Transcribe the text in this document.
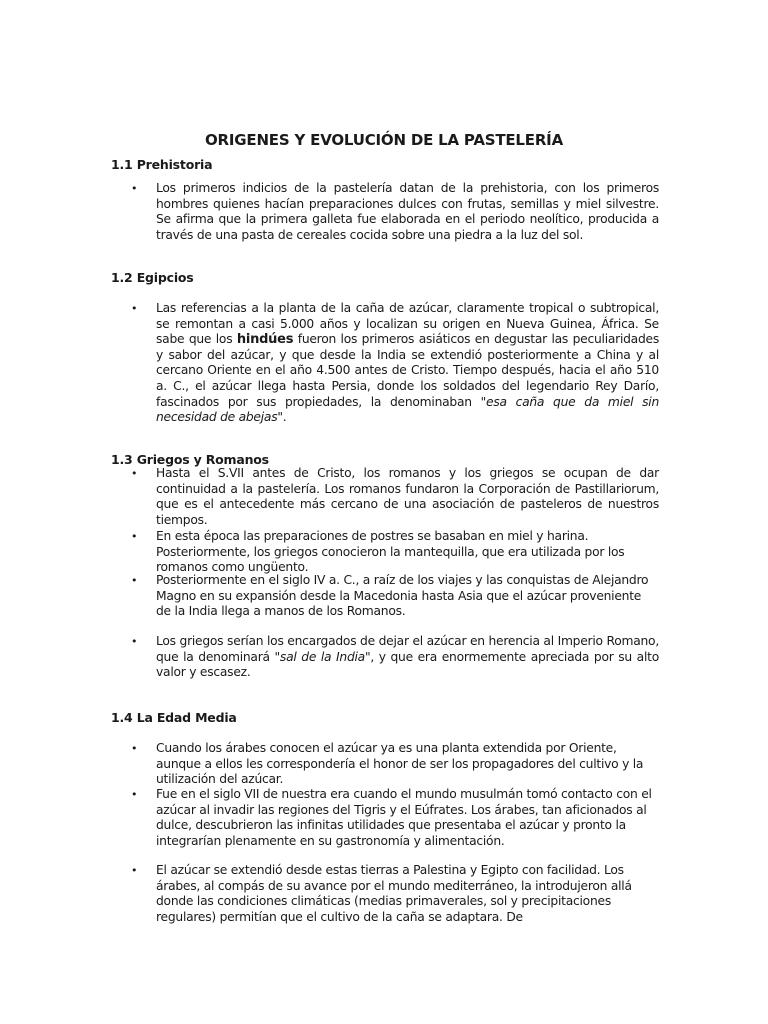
ORIGENES Y EVOLUCIÓN DE LA PASTELERÍA
1.1 Prehistoria
• Los primeros indicios de la pastelería datan de la prehistoria, con los primeros hombres quienes hacían preparaciones dulces con frutas, semillas y miel silvestre. Se afirma que la primera galleta fue elaborada en el periodo neolítico, producida a través de una pasta de cereales cocida sobre una piedra a la luz del sol.
1.2 Egipcios
• Las referencias a la planta de la caña de azúcar, claramente tropical o subtropical, se remontan a casi 5.000 años y localizan su origen en Nueva Guinea, África. Se sabe que los hindúes fueron los primeros asiáticos en degustar las peculiaridades y sabor del azúcar, y que desde la India se extendió posteriormente a China y al cercano Oriente en el año 4.500 antes de Cristo. Tiempo después, hacia el año 510 a. C., el azúcar llega hasta Persia, donde los soldados del legendario Rey Darío, fascinados por sus propiedades, la denominaban "esa caña que da miel sin necesidad de abejas".
1.3 Griegos y Romanos
• Hasta el S.VII antes de Cristo, los romanos y los griegos se ocupan de dar continuidad a la pastelería. Los romanos fundaron la Corporación de Pastillariorum, que es el antecedente más cercano de una asociación de pasteleros de nuestros tiempos.
• En esta época las preparaciones de postres se basaban en miel y harina. Posteriormente, los griegos conocieron la mantequilla, que era utilizada por los romanos como ungüento.
• Posteriormente en el siglo IV a. C., a raíz de los viajes y las conquistas de Alejandro Magno en su expansión desde la Macedonia hasta Asia que el azúcar proveniente de la India llega a manos de los Romanos.
• Los griegos serían los encargados de dejar el azúcar en herencia al Imperio Romano, que la denominará "sal de la India", y que era enormemente apreciada por su alto valor y escasez.
1.4 La Edad Media
• Cuando los árabes conocen el azúcar ya es una planta extendida por Oriente, aunque a ellos les correspondería el honor de ser los propagadores del cultivo y la utilización del azúcar.
• Fue en el siglo VII de nuestra era cuando el mundo musulmán tomó contacto con el azúcar al invadir las regiones del Tigris y el Eúfrates. Los árabes, tan aficionados al dulce, descubrieron las infinitas utilidades que presentaba el azúcar y pronto la integrarían plenamente en su gastronomía y alimentación.
• El azúcar se extendió desde estas tierras a Palestina y Egipto con facilidad. Los árabes, al compás de su avance por el mundo mediterráneo, la introdujeron allá donde las condiciones climáticas (medias primaverales, sol y precipitaciones regulares) permitían que el cultivo de la caña se adaptara. De
